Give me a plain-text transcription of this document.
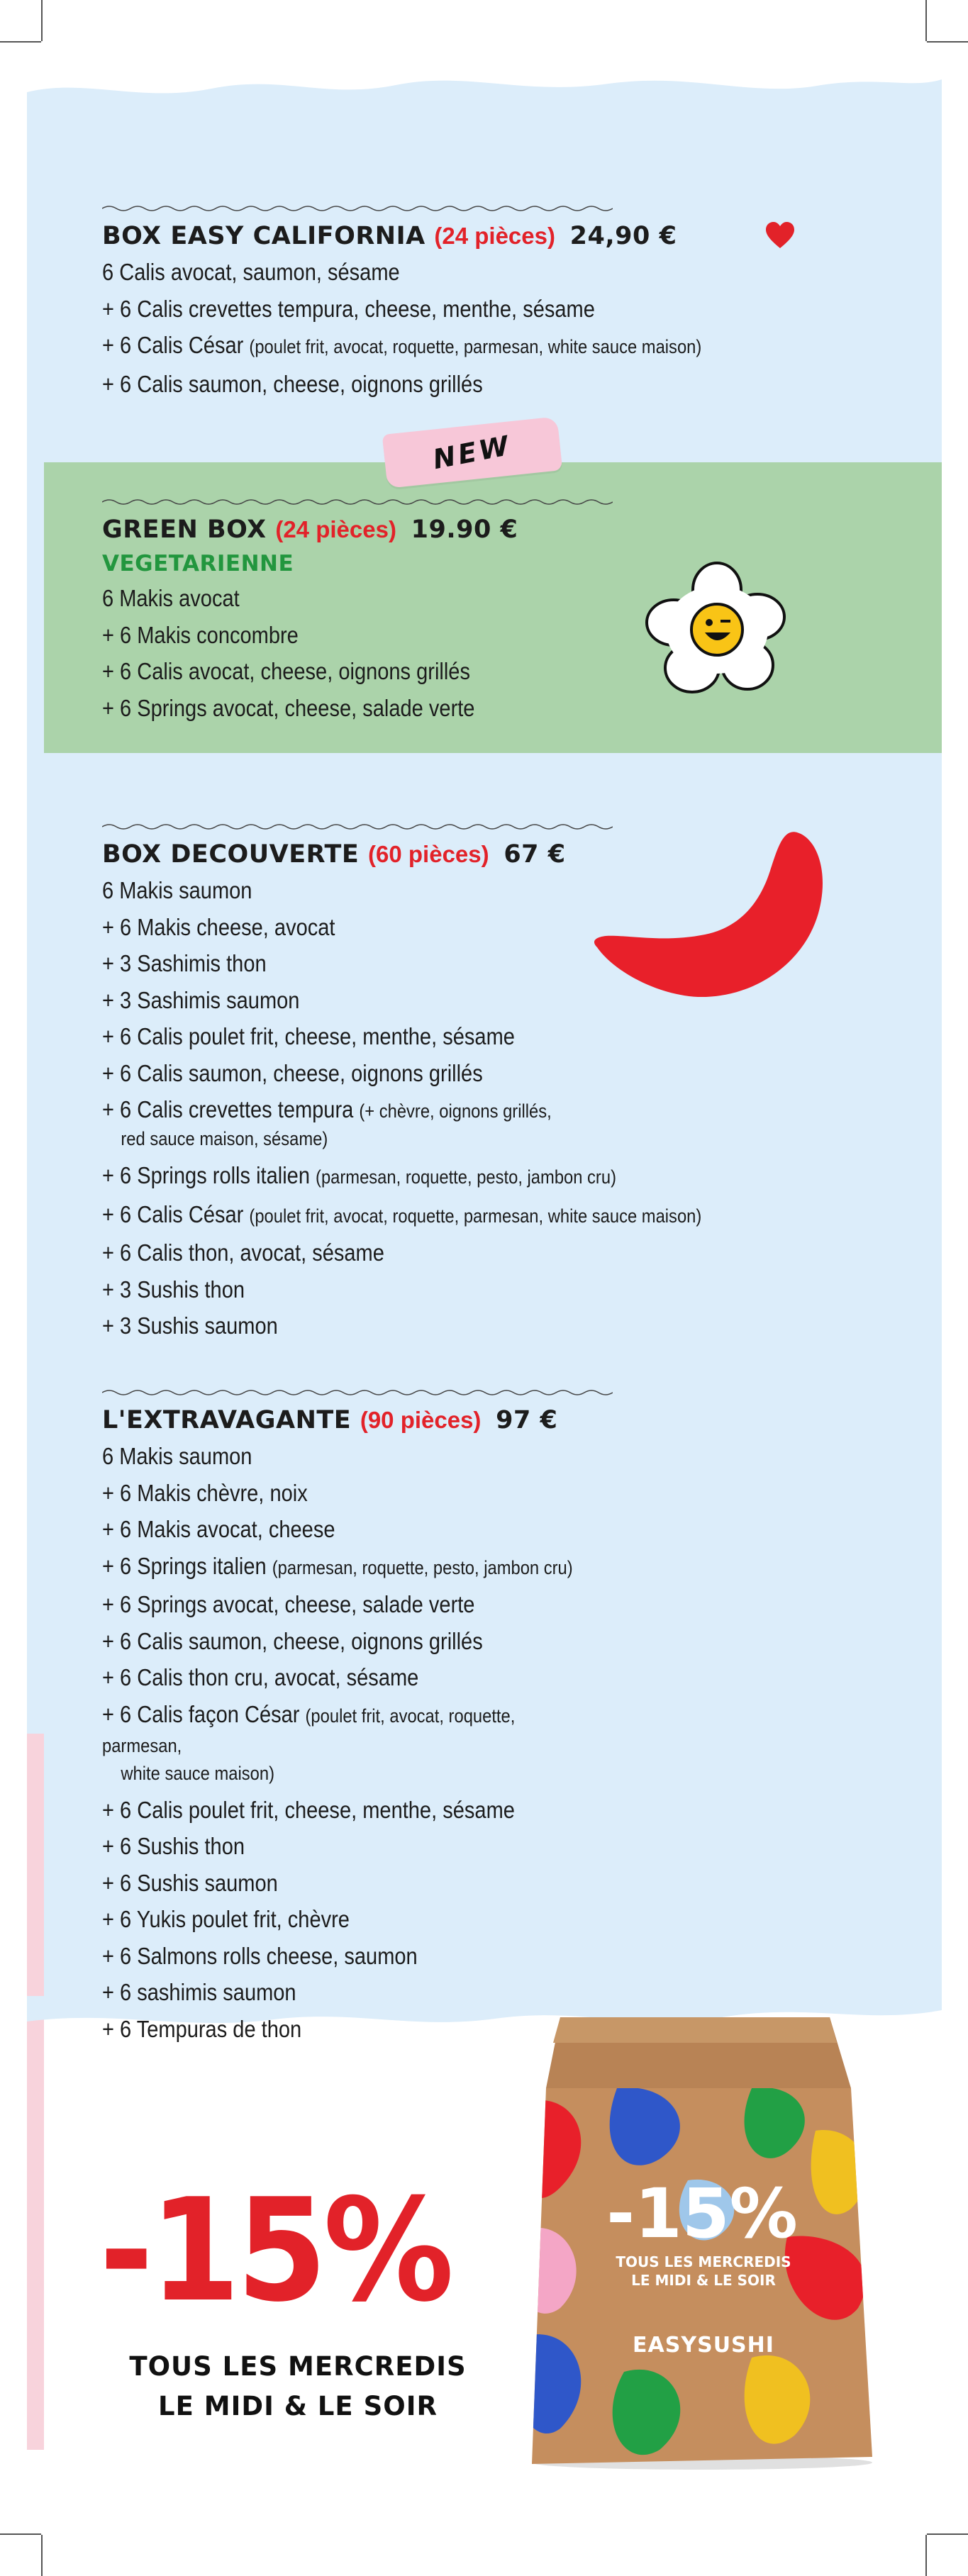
BOX EASY CALIFORNIA (24 pièces) 24,90 €
6 Calis avocat, saumon, sésame
+ 6 Calis crevettes tempura, cheese, menthe, sésame
+ 6 Calis César (poulet frit, avocat, roquette, parmesan, white sauce maison)
+ 6 Calis saumon, cheese, oignons grillés
NEW
GREEN BOX (24 pièces) 19.90 €
VEGETARIENNE
6 Makis avocat
+ 6 Makis concombre
+ 6 Calis avocat, cheese, oignons grillés
+ 6 Springs avocat, cheese, salade verte
BOX DECOUVERTE (60 pièces) 67 €
6 Makis saumon
+ 6 Makis cheese, avocat
+ 3 Sashimis thon
+ 3 Sashimis saumon
+ 6 Calis poulet frit, cheese, menthe, sésame
+ 6 Calis saumon, cheese, oignons grillés
+ 6 Calis crevettes tempura (+ chèvre, oignons grillés,
red sauce maison, sésame)
+ 6 Springs rolls italien (parmesan, roquette, pesto, jambon cru)
+ 6 Calis César (poulet frit, avocat, roquette, parmesan, white sauce maison)
+ 6 Calis thon, avocat, sésame
+ 3 Sushis thon
+ 3 Sushis saumon
L'EXTRAVAGANTE (90 pièces) 97 €
6 Makis saumon
+ 6 Makis chèvre, noix
+ 6 Makis avocat, cheese
+ 6 Springs italien (parmesan, roquette, pesto, jambon cru)
+ 6 Springs avocat, cheese, salade verte
+ 6 Calis saumon, cheese, oignons grillés
+ 6 Calis thon cru, avocat, sésame
+ 6 Calis façon César (poulet frit, avocat, roquette, parmesan,
white sauce maison)
+ 6 Calis poulet frit, cheese, menthe, sésame
+ 6 Sushis thon
+ 6 Sushis saumon
+ 6 Yukis poulet frit, chèvre
+ 6 Salmons rolls cheese, saumon
+ 6 sashimis saumon
+ 6 Tempuras de thon
-15%
TOUS LES MERCREDIS
LE MIDI & LE SOIR
-15%
TOUS LES MERCREDIS
LE MIDI & LE SOIR
EASYSUSHI
